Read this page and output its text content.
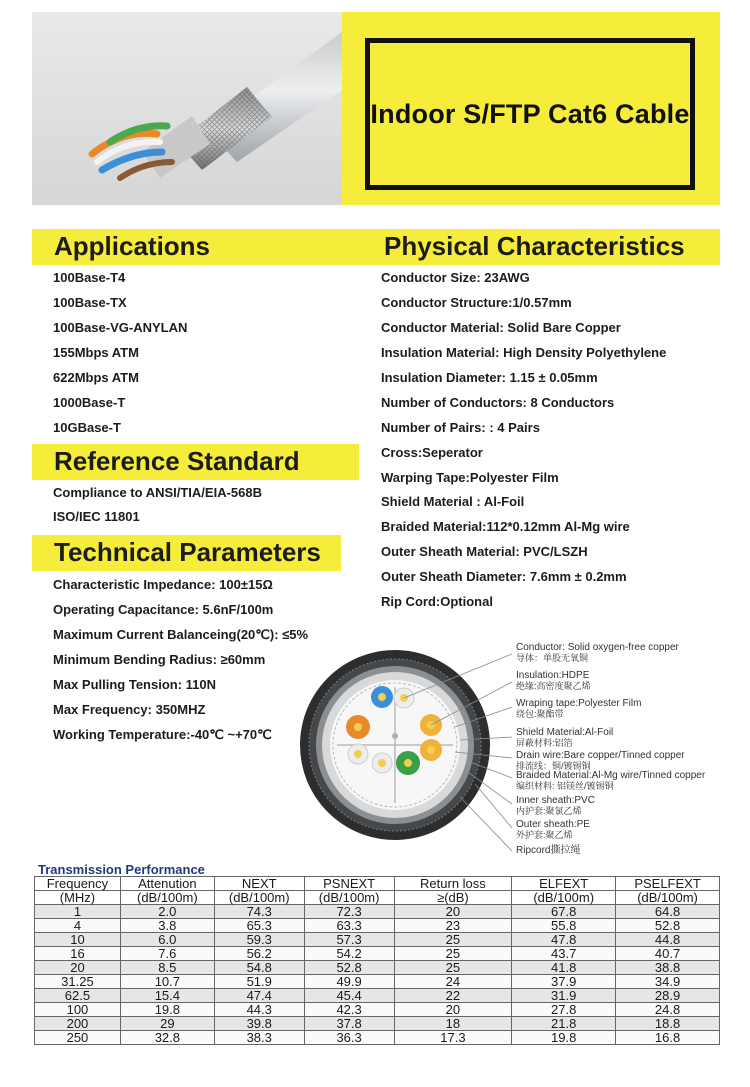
Indoor S/FTP Cat6 Cable
Applications
100Base-T4
100Base-TX
100Base-VG-ANYLAN
155Mbps ATM
622Mbps ATM
1000Base-T
10GBase-T
Reference Standard
Compliance to ANSI/TIA/EIA-568B
ISO/IEC 11801
Technical Parameters
Characteristic Impedance: 100±15Ω
Operating Capacitance: 5.6nF/100m
Maximum Current Balanceing(20℃): ≤5%
Minimum Bending Radius: ≥60mm
Max Pulling Tension: 110N
Max Frequency: 350MHZ
Working Temperature:-40℃ ~+70℃
Physical Characteristics
Conductor Size: 23AWG
Conductor Structure:1/0.57mm
Conductor Material: Solid Bare Copper
Insulation Material: High Density Polyethylene
Insulation Diameter: 1.15 ± 0.05mm
Number of Conductors: 8 Conductors
Number of Pairs: : 4 Pairs
Cross:Seperator
Warping Tape:Polyester Film
Shield Material : Al-Foil
Braided Material:112*0.12mm Al-Mg wire
Outer Sheath Material: PVC/LSZH
Outer Sheath Diameter: 7.6mm ± 0.2mm
Rip Cord:Optional
Conductor: Solid oxygen-free copper
导体：单股无氧铜
Insulation:HDPE
绝缘:高密度聚乙烯
Wraping tape:Polyester Film
绕包:聚酯带
Shield Material:Al-Foil
屏蔽材料:铝箔
Drain wire:Bare copper/Tinned copper
排流线：铜/镀锡铜
Braided Material:Al-Mg wire/Tinned copper
编织材料: 铝镁丝/镀锡铜
Inner sheath:PVC
内护套:聚氯乙烯
Outer sheath:PE
外护套:聚乙烯
Ripcord撕拉绳
Transmission Performance
Frequency	Attenution	NEXT	PSNEXT	Return loss	ELFEXT	PSELFEXT
(MHz)	(dB/100m)	(dB/100m)	(dB/100m)	≥(dB)	(dB/100m)	(dB/100m)
1	2.0	74.3	72.3	20	67.8	64.8
4	3.8	65.3	63.3	23	55.8	52.8
10	6.0	59.3	57.3	25	47.8	44.8
16	7.6	56.2	54.2	25	43.7	40.7
20	8.5	54.8	52.8	25	41.8	38.8
31.25	10.7	51.9	49.9	24	37.9	34.9
62.5	15.4	47.4	45.4	22	31.9	28.9
100	19.8	44.3	42.3	20	27.8	24.8
200	29	39.8	37.8	18	21.8	18.8
250	32.8	38.3	36.3	17.3	19.8	16.8
